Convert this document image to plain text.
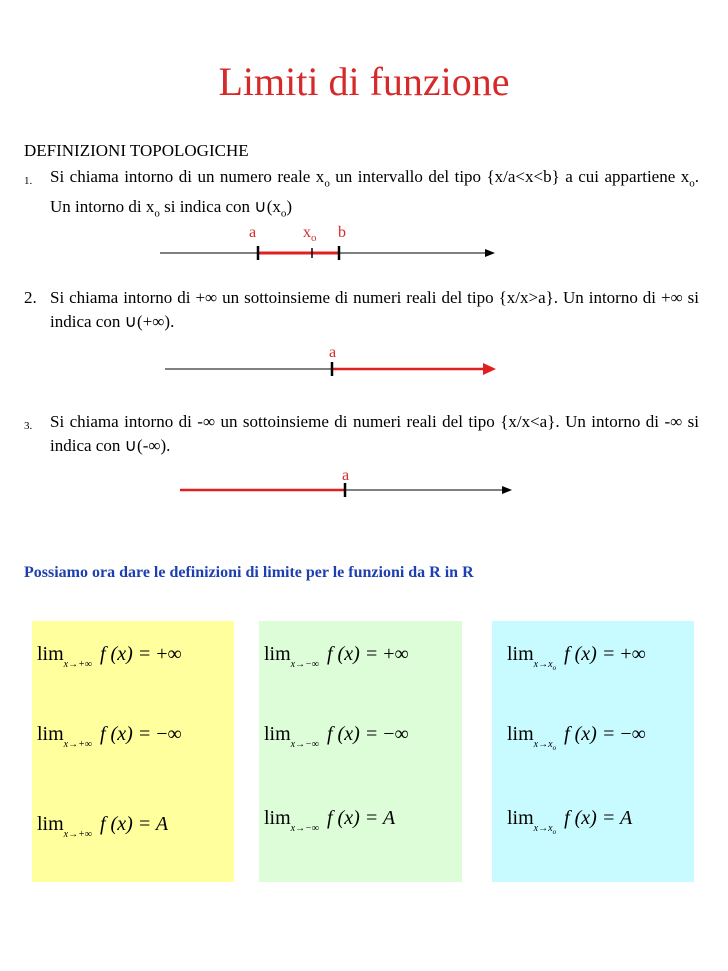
Limiti di funzione
DEFINIZIONI TOPOLOGICHE
1. Si chiama intorno di un numero reale $x_o$ un intervallo del tipo {x/a<x<b} a cui appartiene $x_o$. Un intorno di $x_o$ si indica con $\cup(x_o)$
a	$x_o$ b
2. Si chiama intorno di +∞ un sottoinsieme di numeri reali del tipo {x/x>a}. Un intorno di +∞ si indica con ∪(+∞).
a
3. Si chiama intorno di -∞ un sottoinsieme di numeri reali del tipo {x/x<a}. Un intorno di -∞ si indica con ∪(-∞).
a
Possiamo ora dare le definizioni di limite per le funzioni da R in R
$\lim_{x\to+\infty} f$ (x) = +∞
$\lim_{x\to+\infty} f$ (x) = −∞
$\lim_{x\to+\infty} f$ (x) = A
$\lim_{x\to-\infty} f$ (x) = +∞
$\lim_{x\to-\infty} f$ (x) = −∞
$\lim_{x\to-\infty} f$ (x) = A
$\lim_{x\to x_o}f$ (x) = +∞
$\lim_{x\to x_o}f$ (x) = −∞
$\lim_{x\to x_o}f$ (x) = A
